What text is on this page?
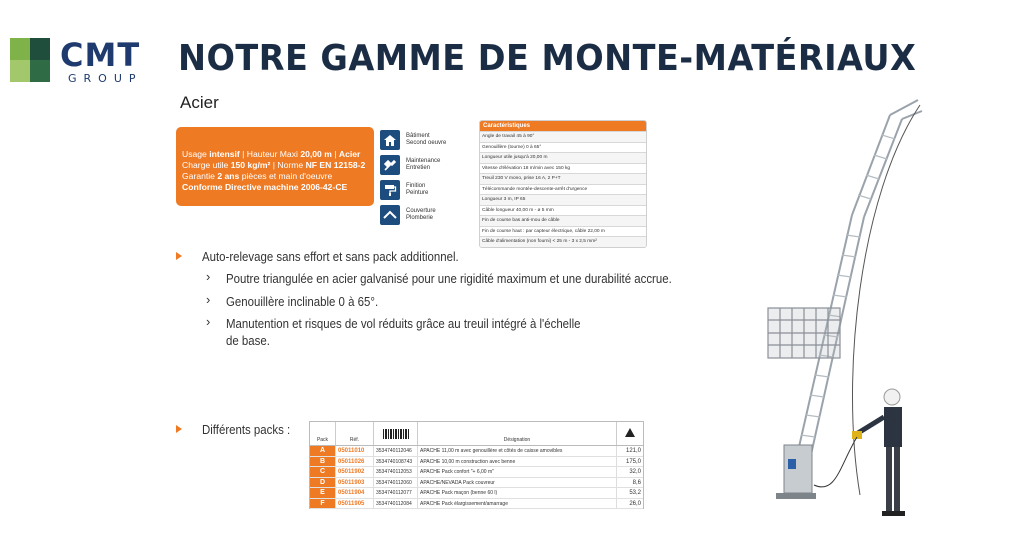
CMT
GROUP NOTRE GAMME DE MONTE-MATÉRIAUX
Acier
Usage intensif | Hauteur Maxi 20,00 m | Acier
Charge utile 150 kg/m² | Norme NF EN 12158-2
Garantie 2 ans pièces et main d'oeuvre
Conforme Directive machine 2006-42-CE
Bâtiment
Second oeuvre
Maintenance
Entretien
Finition
Peinture
Couverture
Plomberie
Caractéristiques
Angle de travail 45 à 90°
Genouillère (tourne) 0 à 65°
Longueur utile jusqu'à 20,00 m
Vitesse d'élévation 18 m/min avec 150 kg
Treuil 230 V mono, prise 16 A, 2 P+T
Télécommande montée-descente-arrêt d'urgence
Longueur 3 m, IP 65
Câble longueur 40,00 m - ø 5 mm
Fin de course bas anti-mou de câble
Fin de course haut : par capteur électrique, câble 22,00 m
Câble d'alimentation (non fourni) < 25 m - 3 x 2,5 mm²
Auto-relevage sans effort et sans pack additionnel.
› Poutre triangulée en acier galvanisé pour une rigidité maximum et une durabilité accrue.
› Genouillère inclinable 0 à 65°.
› Manutention et risques de vol réduits grâce au treuil intégré à l'échelle
de base.
Différents packs :
Pack	Réf.	Désignation
A	05011010	3534740112046	APACHE 11,00 m avec genouillère et côtés de caisse amovibles	121,0
B	05011026	3534740108743	APACHE 10,00 m construction avec benne	175,0
C	05011902	3534740112053	APACHE Pack confort "+ 6,00 m"	32,0
D	05011903	3534740112060	APACHE/NEVADA Pack couvreur	8,6
E	05011904	3534740112077	APACHE Pack maçon (benne 60 l)	53,2
F	05011905	3534740112084	APACHE Pack élargissement/amarrage	26,0
